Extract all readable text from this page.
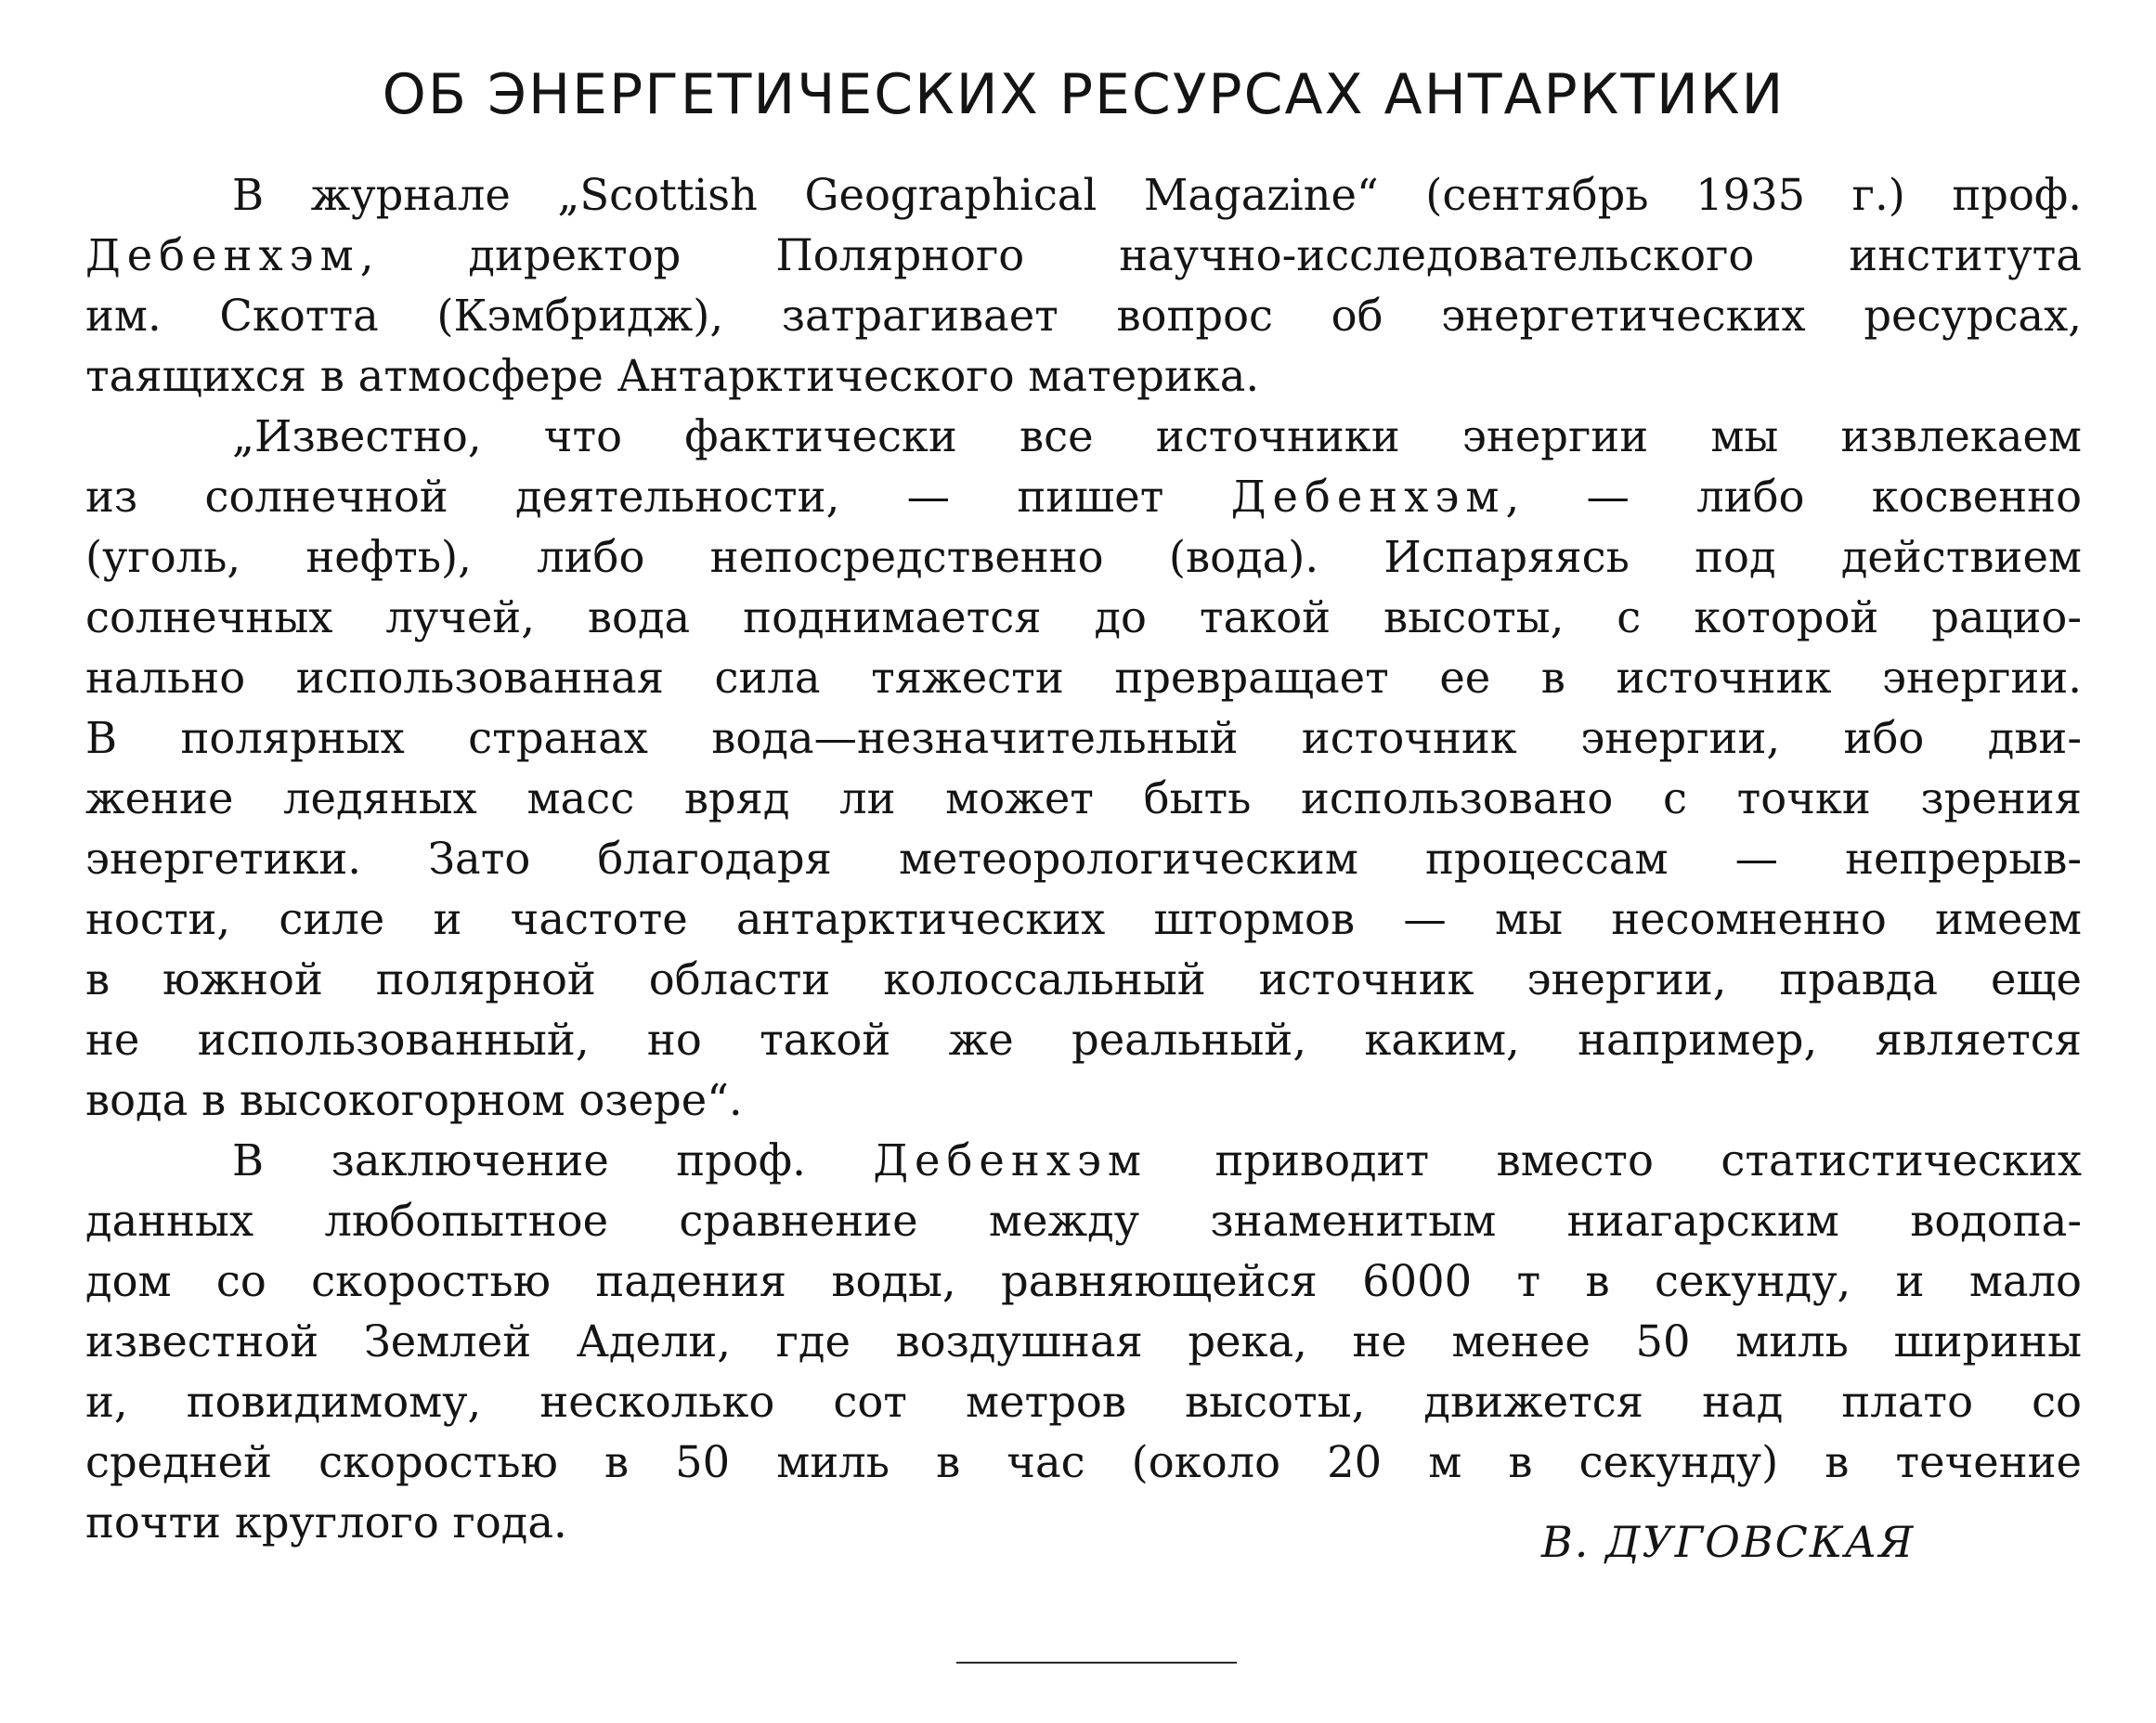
ОБ ЭНЕРГЕТИЧЕСКИХ РЕСУРСАХ АНТАРКТИКИ
В журнале „Scottish Geographical Magazine“ (сентябрь 1935 г.) проф.
Дебенхэм, директор Полярного научно-исследовательского института
им. Скотта (Кэмбридж), затрагивает вопрос об энергетических ресурсах,
таящихся в атмосфере Антарктического материка.
„Известно, что фактически все источники энергии мы извлекаем
из солнечной деятельности, — пишет Дебенхэм, — либо косвенно
(уголь, нефть), либо непосредственно (вода). Испаряясь под действием
солнечных лучей, вода поднимается до такой высоты, с которой рацио-
нально использованная сила тяжести превращает ее в источник энергии.
В полярных странах вода—незначительный источник энергии, ибо дви-
жение ледяных масс вряд ли может быть использовано с точки зрения
энергетики. Зато благодаря метеорологическим процессам — непрерыв-
ности, силе и частоте антарктических штормов — мы несомненно имеем
в южной полярной области колоссальный источник энергии, правда еще
не использованный, но такой же реальный, каким, например, является
вода в высокогорном озере“.
В заключение проф. Дебенхэм приводит вместо статистических
данных любопытное сравнение между знаменитым ниагарским водопа-
дом со скоростью падения воды, равняющейся 6000 т в секунду, и мало
известной Землей Адели, где воздушная река, не менее 50 миль ширины
и, повидимому, несколько сот метров высоты, движется над плато со
средней скоростью в 50 миль в час (около 20 м в секунду) в течение
почти круглого года.	В. ДУГОВСКАЯ
